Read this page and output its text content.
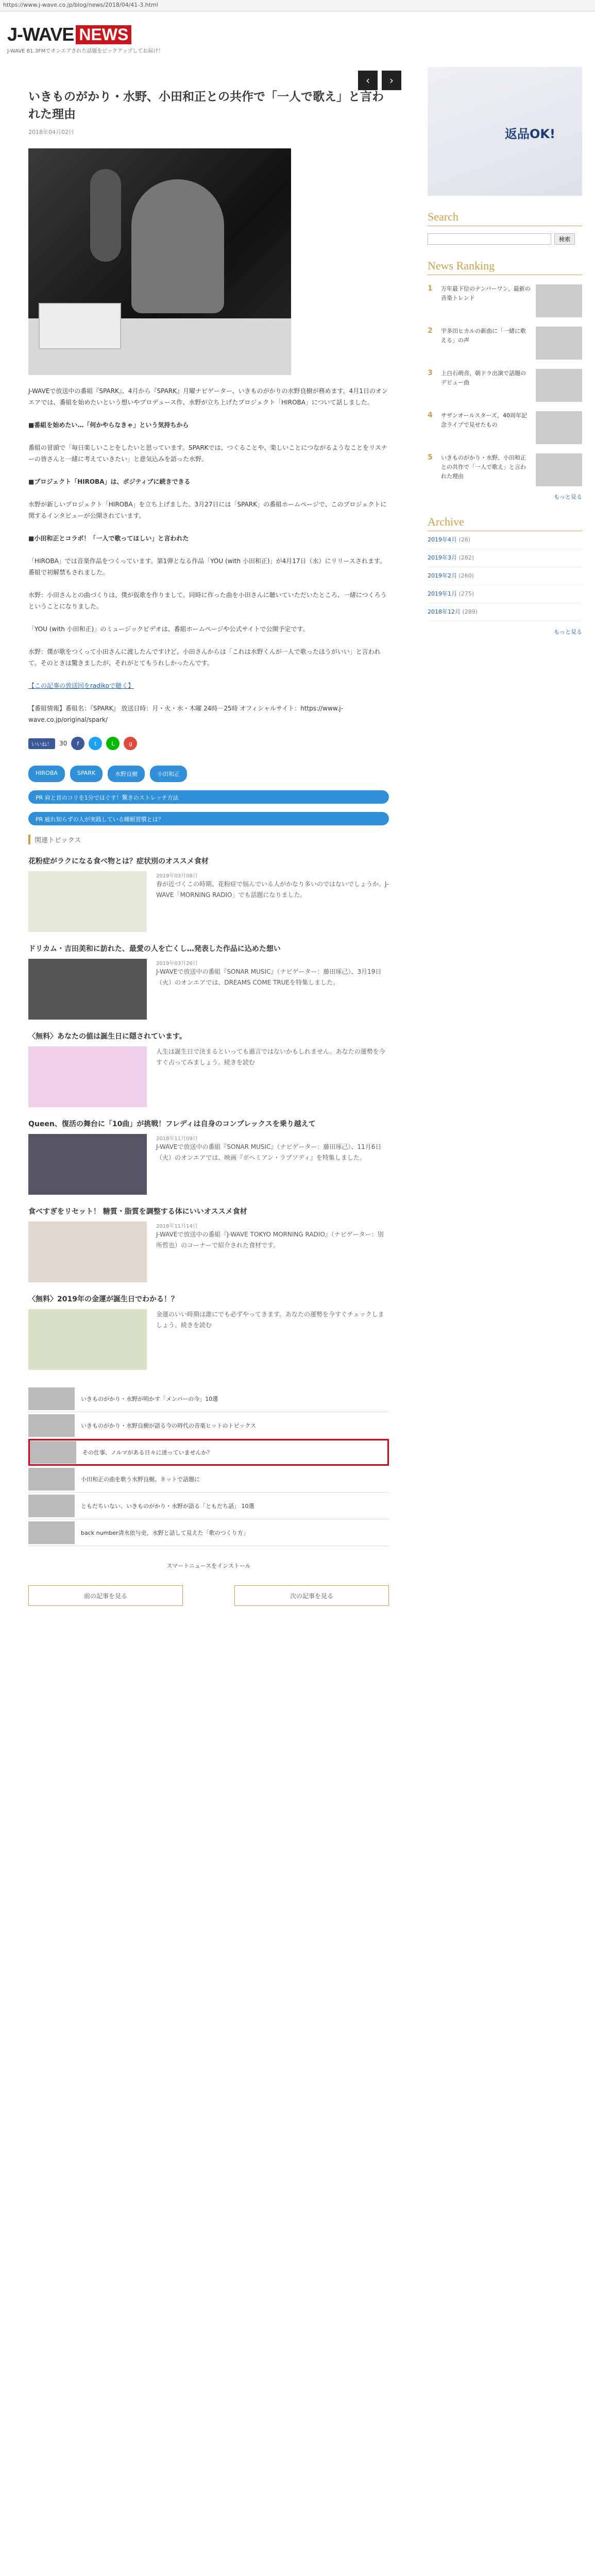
https://www.j-wave.co.jp/blog/news/2018/04/41-3.html
J-WAVE NEWS
J-WAVE 81.3FMでオンエアされた話題をピックアップしてお届け！
‹	›
いきものがかり・水野、小田和正との共作で「一人で歌え」と言われた理由
2018年04月02日

J-WAVEで放送中の番組『SPARK』、4月から『SPARK』月曜ナビゲーター、いきものがかりの水野良樹が務めます。4月1日のオンエアでは、番組を始めたいという想いやプロデュース作、水野が立ち上げたプロジェクト「HIROBA」について話しました。

■番組を始めたい…「何かやらなきゃ」という気持ちから

番組の冒頭で「毎日楽しいことをしたいと思っています。SPARKでは、つくることや、楽しいことにつながるようなことをリスナーの皆さんと一緒に考えていきたい」と意気込みを語った水野。

■プロジェクト「HIROBA」は、ポジティブに続きできる

水野が新しいプロジェクト「HIROBA」を立ち上げました。3月27日には「SPARK」の番組ホームページで、このプロジェクトに関するインタビューが公開されています。

■小田和正とコラボ！「一人で歌ってほしい」と言われた

「HIROBA」では音楽作品をつくっています。第1弾となる作品「YOU (with 小田和正)」が4月17日（水）にリリースされます。番組で初解禁もされました。

水野：小田さんとの曲づくりは、僕が仮歌を作りまして。同時に作った曲を小田さんに聴いていただいたところ、一緒につくろうということになりました。

「YOU (with 小田和正)」のミュージックビデオは、番組ホームページや公式サイトで公開予定です。

水野：僕が歌をつくって小田さんに渡したんですけど、小田さんからは「これは水野くんが一人で歌ったほうがいい」と言われて。そのときは驚きましたが、それがとてもうれしかったんです。

【この記事の放送回をradikoで聴く】

【番組情報】番組名：『SPARK』 放送日時：月・火・水・木曜 24時－25時 オフィシャルサイト：https://www.j-wave.co.jp/original/spark/

いいね！	30	f	t	L	g
HIROBA	SPARK	水野良樹	小田和正
PR 肩と首のコリを1分でほぐす！驚きのストレッチ方法
PR 疲れ知らずの人が実践している睡眠習慣とは？
関連トピックス
花粉症がラクになる食べ物とは？症状別のオススメ食材
2019年03月08日
春が近づくこの時期、花粉症で悩んでいる人がかなり多いのではないでしょうか。J-WAVE「MORNING RADIO」でも話題になりました。
ドリカム・吉田美和に訪れた、最愛の人を亡くし…発表した作品に込めた想い
2019年03月26日
J-WAVEで放送中の番組『SONAR MUSIC』（ナビゲーター：藤田琢己）、3月19日（火）のオンエアでは、DREAMS COME TRUEを特集しました。
〈無料〉あなたの値は誕生日に隠されています。
人生は誕生日で決まるといっても過言ではないかもしれません。あなたの運勢を今すぐ占ってみましょう。続きを読む
Queen、復活の舞台に「10曲」が挑戦！フレディは自身のコンプレックスを乗り越えて
2018年11月09日
J-WAVEで放送中の番組『SONAR MUSIC』（ナビゲーター：藤田琢己）、11月6日（火）のオンエアでは、映画『ボヘミアン・ラプソディ』を特集しました。
食べすぎをリセット！ 糖質・脂質を調整する体にいいオススメ食材
2018年11月14日
J-WAVEで放送中の番組『J-WAVE TOKYO MORNING RADIO』（ナビゲーター：別所哲也）のコーナーで紹介された食材です。
〈無料〉2019年の金運が誕生日でわかる！？
金運のいい時期は誰にでも必ずやってきます。あなたの運勢を今すぐチェックしましょう。続きを読む
いきものがかり・水野が明かす「メンバーの今」10選
いきものがかり・水野良樹が語る今の時代の音楽ヒットのトピックス
その仕事、ノルマがある日々に迷っていませんか？
小田和正の曲を歌う水野良樹。ネットで話題に
ともだちいない、いきものがかり・水野が語る「ともだち話」 10選
back number清水依与吏、水野と話して見えた「歌のつくり方」
スマートニュースをインストール
前の記事を見る	次の記事を見る
返品OK!
Search
検索
News Ranking
1	万年最下位のナンバーワン、最新の音楽トレンド
2	宇多田ヒカルの新曲に「一緒に歌える」の声
3	上白石萌音、朝ドラ出演で話題のデビュー曲
4	サザンオールスターズ、40周年記念ライブで見せたもの
5	いきものがかり・水野、小田和正との共作で「一人で歌え」と言われた理由
もっと見る
Archive
2019年4月 (26)
2019年3月 (282)
2019年2月 (260)
2019年1月 (275)
2018年12月 (289)
もっと見る
